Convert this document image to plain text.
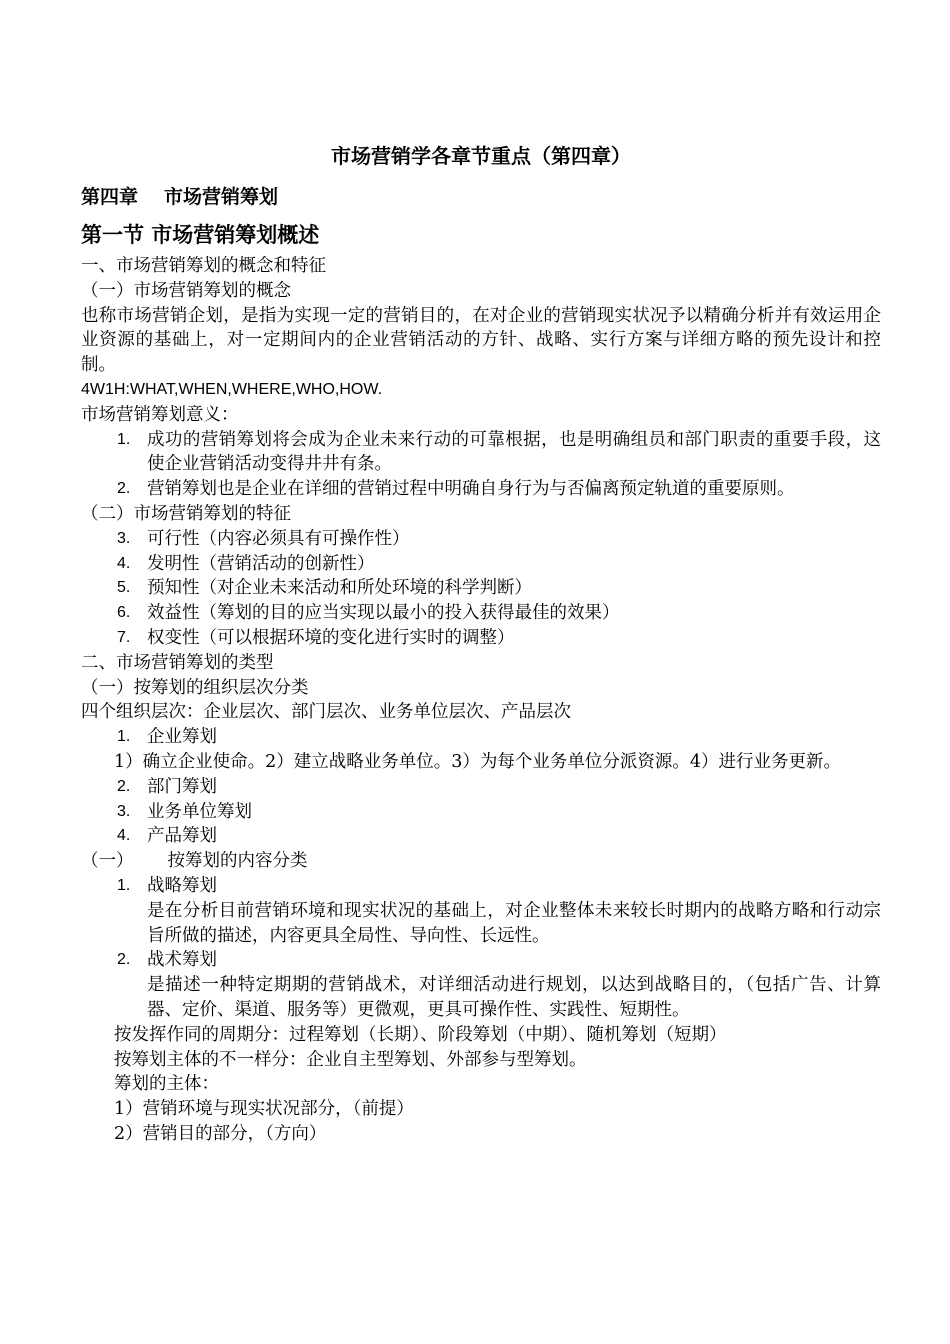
市场营销学各章节重点（第四章）
第四章 市场营销筹划
第一节 市场营销筹划概述

一、市场营销筹划的概念和特征

（一）市场营销筹划的概念

也称市场营销企划，是指为实现一定的营销目的，在对企业的营销现实状况予以精确分析并有效运用企业资源的基础上，对一定期间内的企业营销活动的方针、战略、实行方案与详细方略的预先设计和控制。

4W1H:WHAT,WHEN,WHERE,WHO,HOW.

市场营销筹划意义：

1. 成功的营销筹划将会成为企业未来行动的可靠根据，也是明确组员和部门职责的重要手段，这使企业营销活动变得井井有条。
2. 营销筹划也是企业在详细的营销过程中明确自身行为与否偏离预定轨道的重要原则。

（二）市场营销筹划的特征

3. 可行性（内容必须具有可操作性）
4. 发明性（营销活动的创新性）
5. 预知性（对企业未来活动和所处环境的科学判断）
6. 效益性（筹划的目的应当实现以最小的投入获得最佳的效果）
7. 权变性（可以根据环境的变化进行实时的调整）

二、市场营销筹划的类型

（一）按筹划的组织层次分类

四个组织层次：企业层次、部门层次、业务单位层次、产品层次

1. 企业筹划

1）确立企业使命。2）建立战略业务单位。3）为每个业务单位分派资源。4）进行业务更新。

2. 部门筹划
3. 业务单位筹划
4. 产品筹划

（一） 按筹划的内容分类

1. 战略筹划

是在分析目前营销环境和现实状况的基础上，对企业整体未来较长时期内的战略方略和行动宗旨所做的描述，内容更具全局性、导向性、长远性。

2. 战术筹划

是描述一种特定期期的营销战术，对详细活动进行规划，以达到战略目的，（包括广告、计算器、定价、渠道、服务等）更微观，更具可操作性、实践性、短期性。

按发挥作同的周期分：过程筹划（长期）、阶段筹划（中期）、随机筹划（短期）

按筹划主体的不一样分：企业自主型筹划、外部参与型筹划。

筹划的主体：

1）营销环境与现实状况部分，（前提）

2）营销目的部分，（方向）
